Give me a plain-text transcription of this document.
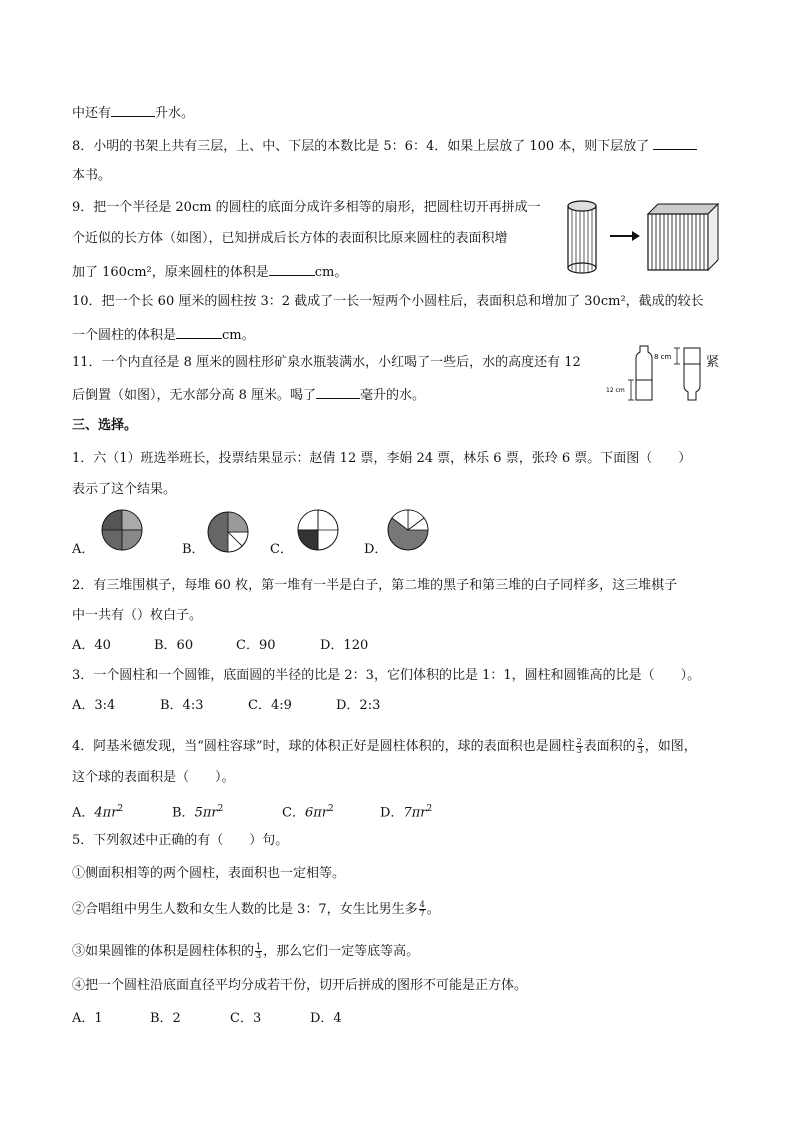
中还有	升水。
8．小明的书架上共有三层，上、中、下层的本数比是 5：6：4．如果上层放了 100 本，则下层放了
本书。
9．把一个半径是 20cm 的圆柱的底面分成许多相等的扇形，把圆柱切开再拼成一
个近似的长方体（如图），已知拼成后长方体的表面积比原来圆柱的表面积增
加了 160cm²，原来圆柱的体积是	cm。
10．把一个长 60 厘米的圆柱按 3：2 截成了一长一短两个小圆柱后，表面积总和增加了 30cm²，截成的较长
一个圆柱的体积是	cm。
11．一个内直径是 8 厘米的圆柱形矿泉水瓶装满水，小红喝了一些后，水的高度还有 12	紧
后倒置（如图），无水部分高 8 厘米。喝了	毫升的水。
8 cm
12 cm
三、选择。
1．六（1）班选举班长，投票结果显示：赵倩 12 票，李娟 24 票，林乐 6 票，张玲 6 票。下面图（　　）
表示了这个结果。
A．	B．	C．	D．
2．有三堆围棋子，每堆 60 枚，第一堆有一半是白子，第二堆的黑子和第三堆的白子同样多，这三堆棋子
中一共有（）枚白子。
A．40	B．60	C．90	D．120
3．一个圆柱和一个圆锥，底面圆的半径的比是 2：3，它们体积的比是 1：1，圆柱和圆锥高的比是（　　）。
A．3:4	B．4:3	C．4:9	D．2:3
4．阿基米德发现，当“圆柱容球”时，球的体积正好是圆柱体积的，球的表面积也是圆柱 $\frac{2}{3}$ 表面积的 $\frac{2}{3}$ ，如图，
这个球的表面积是（　　）。
A．$4\pi r^2$	B．$5\pi r^2$	C．$6\pi r^2$	D．$7\pi r^2$
5．下列叙述中正确的有（　　）句。
①侧面积相等的两个圆柱，表面积也一定相等。
②合唱组中男生人数和女生人数的比是 3：7，女生比男生多 $\frac{4}{7}$ 。
③如果圆锥的体积是圆柱体积的 $\frac{1}{3}$ ，那么它们一定等底等高。
④把一个圆柱沿底面直径平均分成若干份，切开后拼成的图形不可能是正方体。
A．1	B．2	C．3	D．4
